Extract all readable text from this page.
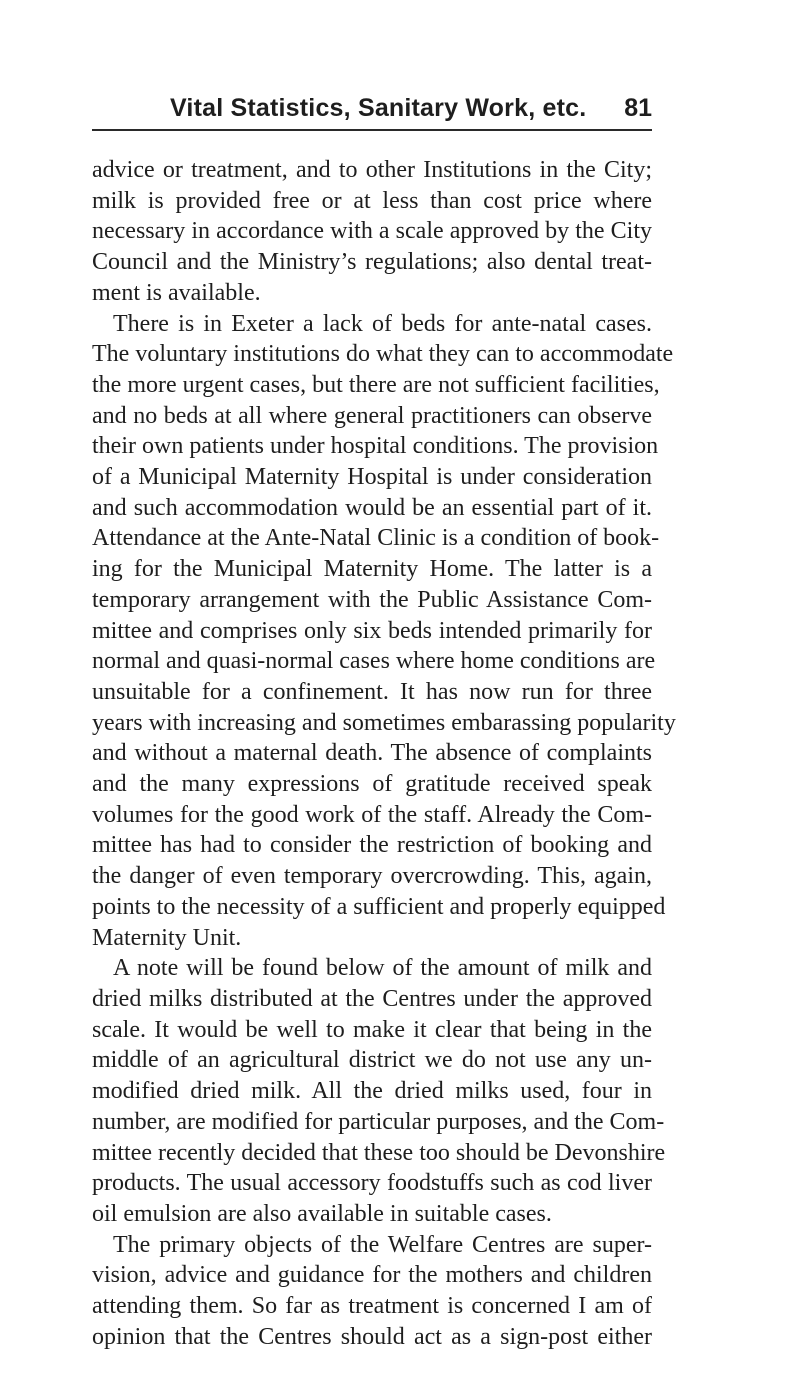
Vital Statistics, Sanitary Work, etc. 81
advice or treatment, and to other Institutions in the City;
milk is provided free or at less than cost price where
necessary in accordance with a scale approved by the City
Council and the Ministry’s regulations; also dental treat-
ment is available.
There is in Exeter a lack of beds for ante-natal cases.
The voluntary institutions do what they can to accommodate
the more urgent cases, but there are not sufficient facilities,
and no beds at all where general practitioners can observe
their own patients under hospital conditions. The provision
of a Municipal Maternity Hospital is under consideration
and such accommodation would be an essential part of it.
Attendance at the Ante-Natal Clinic is a condition of book-
ing for the Municipal Maternity Home. The latter is a
temporary arrangement with the Public Assistance Com-
mittee and comprises only six beds intended primarily for
normal and quasi-normal cases where home conditions are
unsuitable for a confinement. It has now run for three
years with increasing and sometimes embarassing popularity
and without a maternal death. The absence of complaints
and the many expressions of gratitude received speak
volumes for the good work of the staff. Already the Com-
mittee has had to consider the restriction of booking and
the danger of even temporary overcrowding. This, again,
points to the necessity of a sufficient and properly equipped
Maternity Unit.
A note will be found below of the amount of milk and
dried milks distributed at the Centres under the approved
scale. It would be well to make it clear that being in the
middle of an agricultural district we do not use any un-
modified dried milk. All the dried milks used, four in
number, are modified for particular purposes, and the Com-
mittee recently decided that these too should be Devonshire
products. The usual accessory foodstuffs such as cod liver
oil emulsion are also available in suitable cases.
The primary objects of the Welfare Centres are super-
vision, advice and guidance for the mothers and children
attending them. So far as treatment is concerned I am of
opinion that the Centres should act as a sign-post either
